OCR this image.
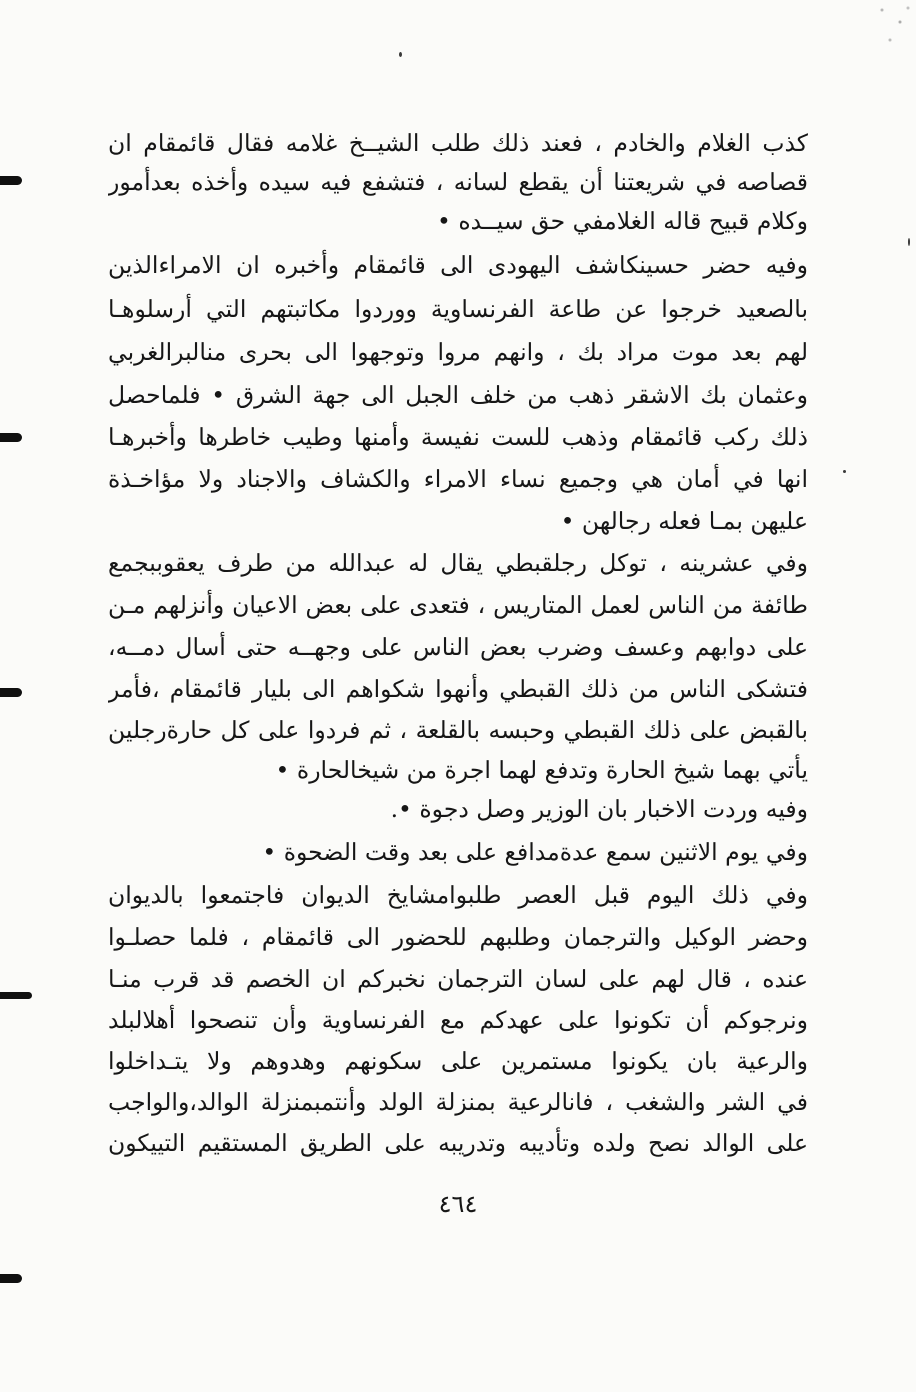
كذب الغلام والخادم ، فعند ذلك طلب الشيــخ غلامه فقال قائمقام ان
قصاصه في شريعتنا أن يقطع لسانه ، فتشفع فيه سيده وأخذه بعدأمور
وكلام قبيح قاله الغلامفي حق سيــده •
وفيه حضر حسينكاشف اليهودى الى قائمقام وأخبره ان الامراءالذين
بالصعيد خرجوا عن طاعة الفرنساوية ووردوا مكاتبتهم التي أرسلوهـا
لهم بعد موت مراد بك ، وانهم مروا وتوجهوا الى بحرى منالبرالغربي
وعثمان بك الاشقر ذهب من خلف الجبل الى جهة الشرق • فلماحصل
ذلك ركب قائمقام وذهب للست نفيسة وأمنها وطيب خاطرها وأخبرهـا
انها في أمان هي وجميع نساء الامراء والكشاف والاجناد ولا مؤاخـذة
عليهن بمـا فعله رجالهن •
وفي عشرينه ، توكل رجلقبطي يقال له عبدالله من طرف يعقوببجمع
طائفة من الناس لعمل المتاريس ، فتعدى على بعض الاعيان وأنزلهم مـن
على دوابهم وعسف وضرب بعض الناس على وجهــه حتى أسال دمــه،
فتشكى الناس من ذلك القبطي وأنهوا شكواهم الى بليار قائمقام ،فأمر
بالقبض على ذلك القبطي وحبسه بالقلعة ، ثم فردوا على كل حارةرجلين
يأتي بهما شيخ الحارة وتدفع لهما اجرة من شيخالحارة •
وفيه وردت الاخبار بان الوزير وصل دجوة •.
وفي يوم الاثنين سمع عدةمدافع على بعد وقت الضحوة •
وفي ذلك اليوم قبل العصر طلبوامشايخ الديوان فاجتمعوا بالديوان
وحضر الوكيل والترجمان وطلبهم للحضور الى قائمقام ، فلما حصلـوا
عنده ، قال لهم على لسان الترجمان نخبركم ان الخصم قد قرب منـا
ونرجوكم أن تكونوا على عهدكم مع الفرنساوية وأن تنصحوا أهلالبلد
والرعية بان يكونوا مستمرين على سكونهم وهدوهم ولا يتـداخلوا
في الشر والشغب ، فانالرعية بمنزلة الولد وأنتمبمنزلة الوالد،والواجب
على الوالد نصح ولده وتأديبه وتدريبه على الطريق المستقيم التييكون
٤٦٤
